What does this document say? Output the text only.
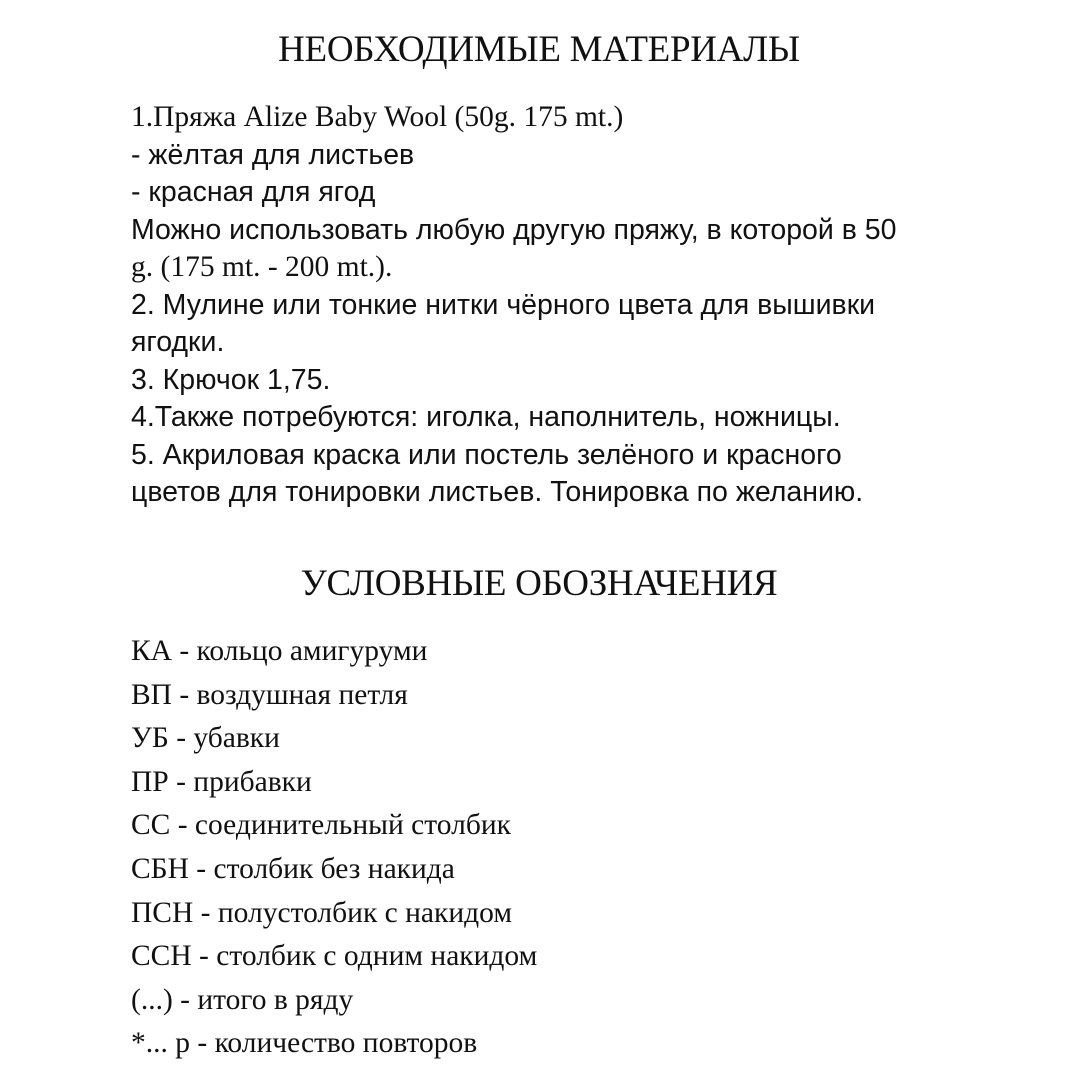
НЕОБХОДИМЫЕ МАТЕРИАЛЫ
1.Пряжа Alize Baby Wool (50g. 175 mt.)
- жёлтая для листьев
- красная для ягод
Можно использовать любую другую пряжу, в которой в 50
g. (175 mt. - 200 mt.).
2. Мулине или тонкие нитки чёрного цвета для вышивки
ягодки.
3. Крючок 1,75.
4.Также потребуются: иголка, наполнитель, ножницы.
5. Акриловая краска или постель зелёного и красного
цветов для тонировки листьев. Тонировка по желанию.
УСЛОВНЫЕ ОБОЗНАЧЕНИЯ
КА - кольцо амигуруми
ВП - воздушная петля
УБ - убавки
ПР - прибавки
СС - соединительный столбик
СБН - столбик без накида
ПСН - полустолбик с накидом
ССН - столбик с одним накидом
(...) - итого в ряду
*... р - количество повторов
